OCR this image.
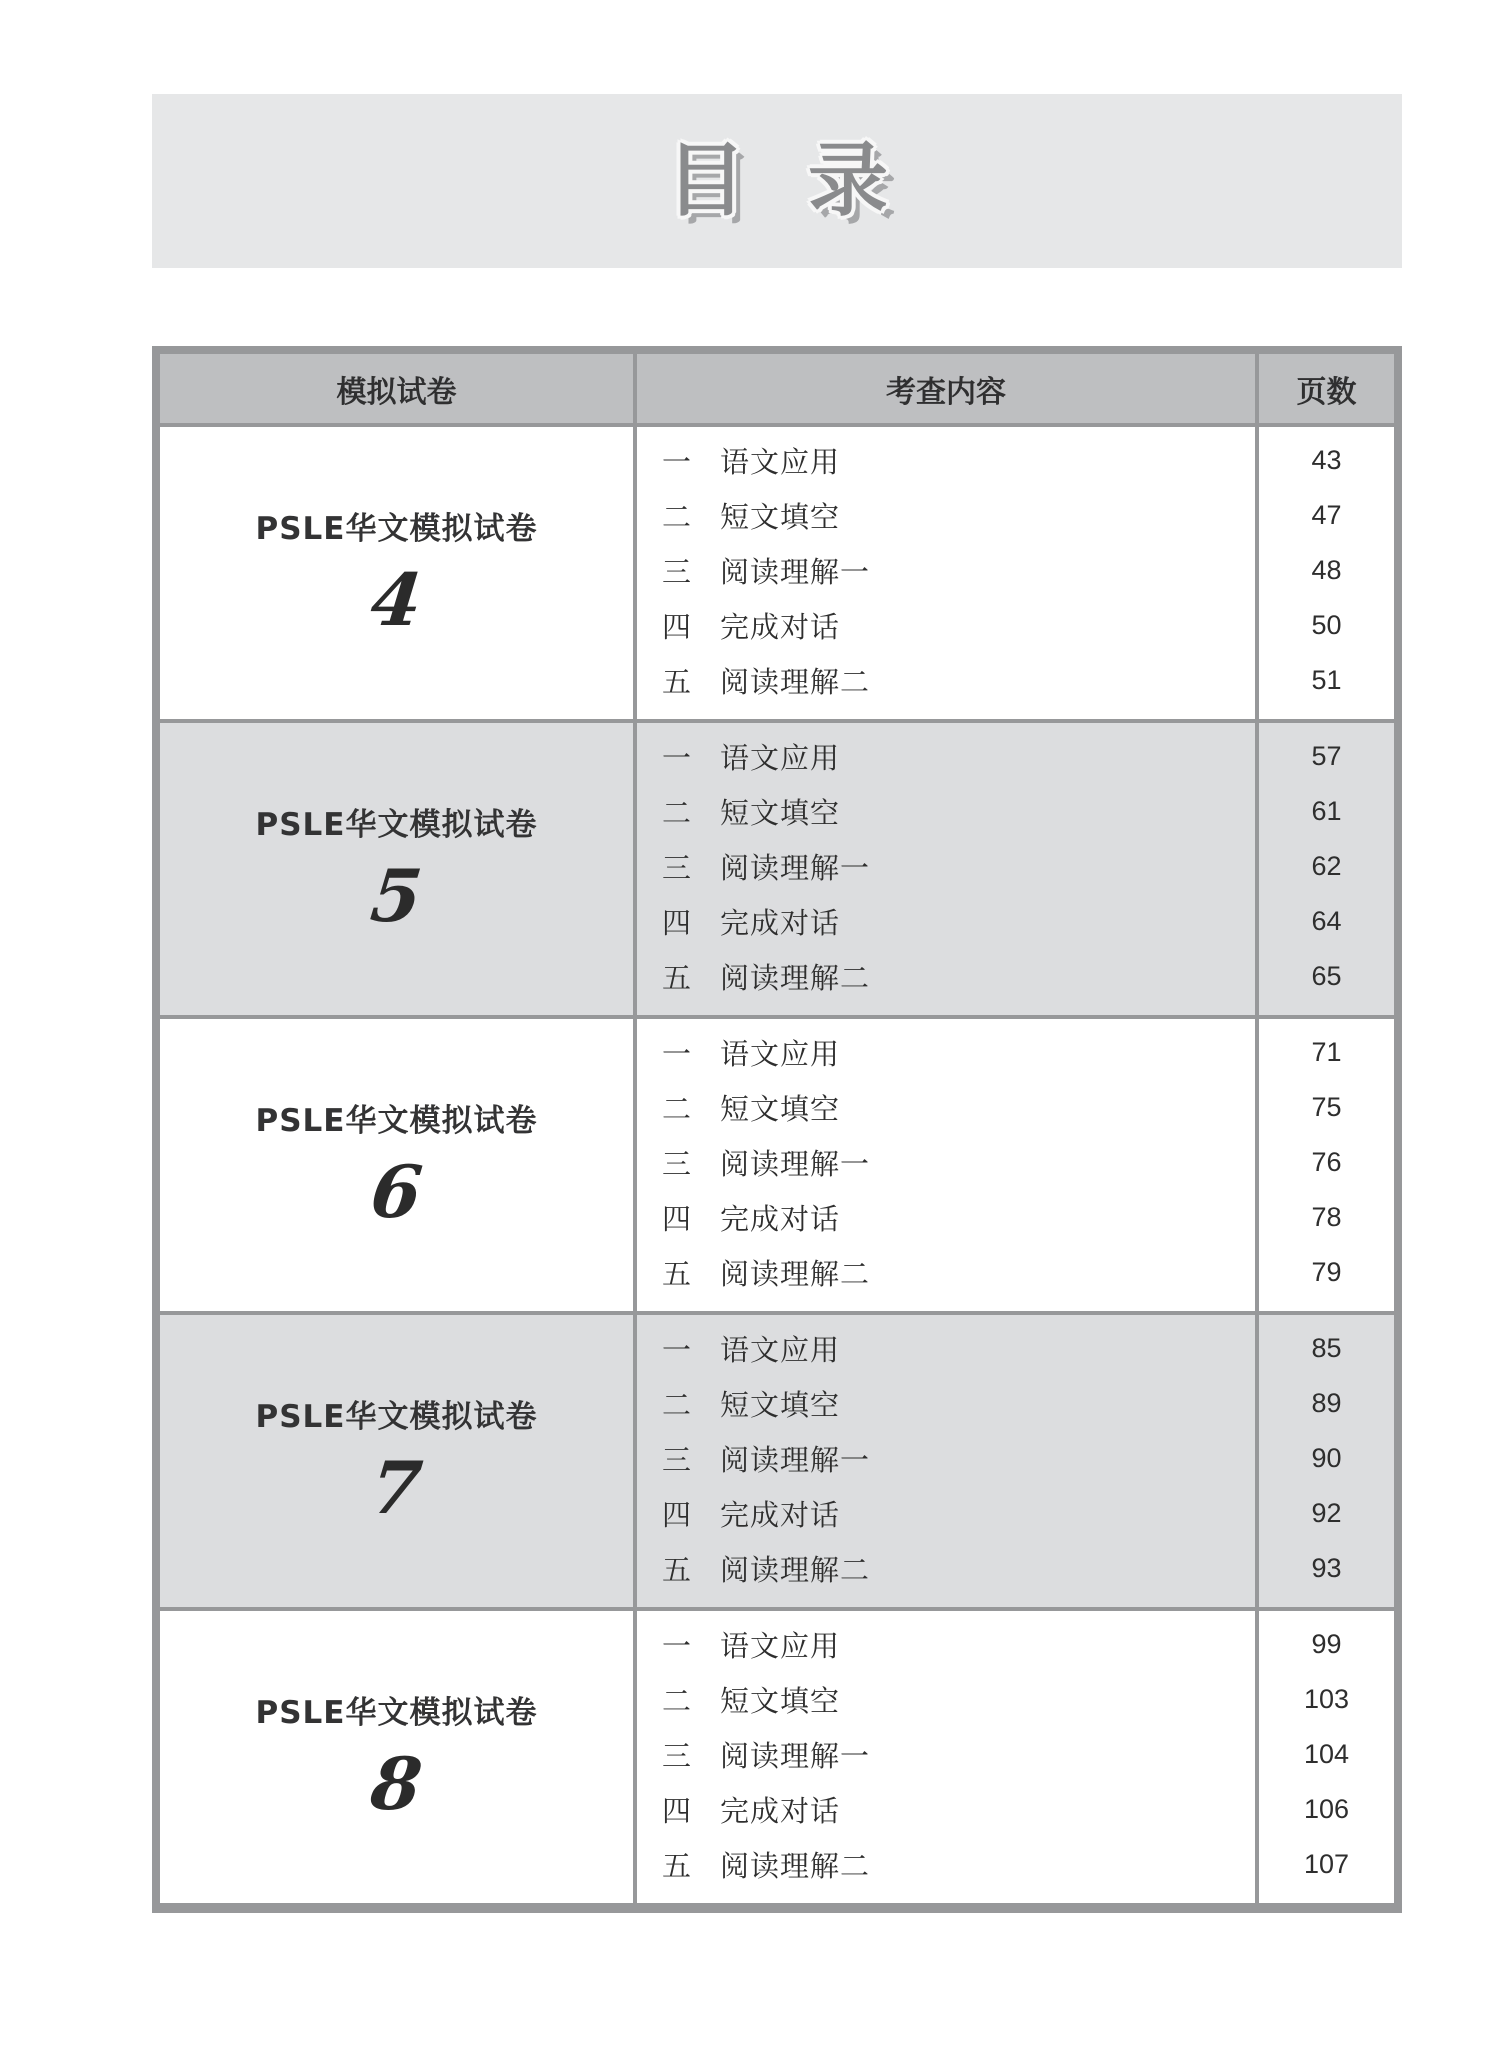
目 录
模拟试卷	考查内容	页数
PSLE华文模拟试卷
4
一 语文应用
二 短文填空
三 阅读理解一
四 完成对话
五 阅读理解二
43
47
48
50
51
PSLE华文模拟试卷
5
一 语文应用
二 短文填空
三 阅读理解一
四 完成对话
五 阅读理解二
57
61
62
64
65
PSLE华文模拟试卷
6
一 语文应用
二 短文填空
三 阅读理解一
四 完成对话
五 阅读理解二
71
75
76
78
79
PSLE华文模拟试卷
7
一 语文应用
二 短文填空
三 阅读理解一
四 完成对话
五 阅读理解二
85
89
90
92
93
PSLE华文模拟试卷
8
一 语文应用
二 短文填空
三 阅读理解一
四 完成对话
五 阅读理解二
99
103
104
106
107
